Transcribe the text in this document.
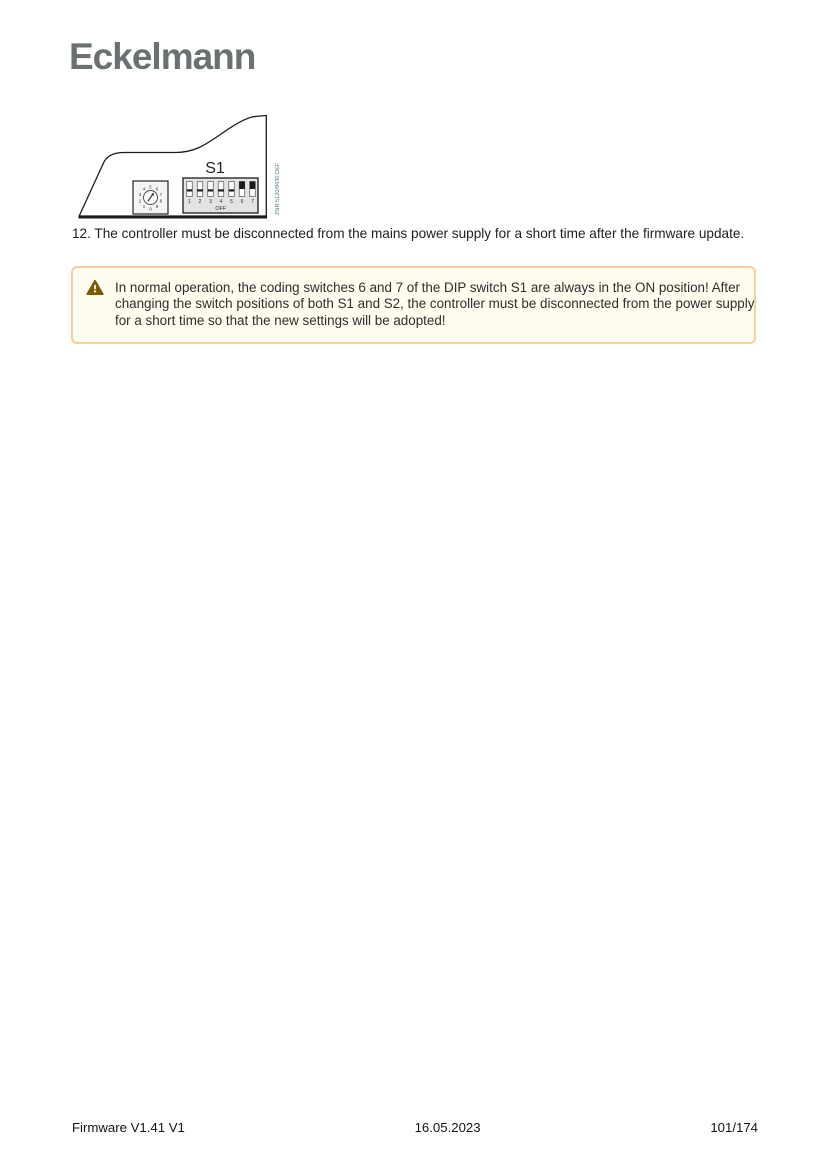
Eckelmann
S1
5 6
7
8
9
0
1
2
3
4
1 2 3 4 5 6 7
OFF	ZNR 5120/9430 DEF

12. The controller must be disconnected from the mains power supply for a short time after the firmware update.

In normal operation, the coding switches 6 and 7 of the DIP switch S1 are always in the ON position! After changing the switch positions of both S1 and S2, the controller must be disconnected from the power supply for a short time so that the new settings will be adopted!

Firmware V1.41 V1	16.05.2023	101/174
